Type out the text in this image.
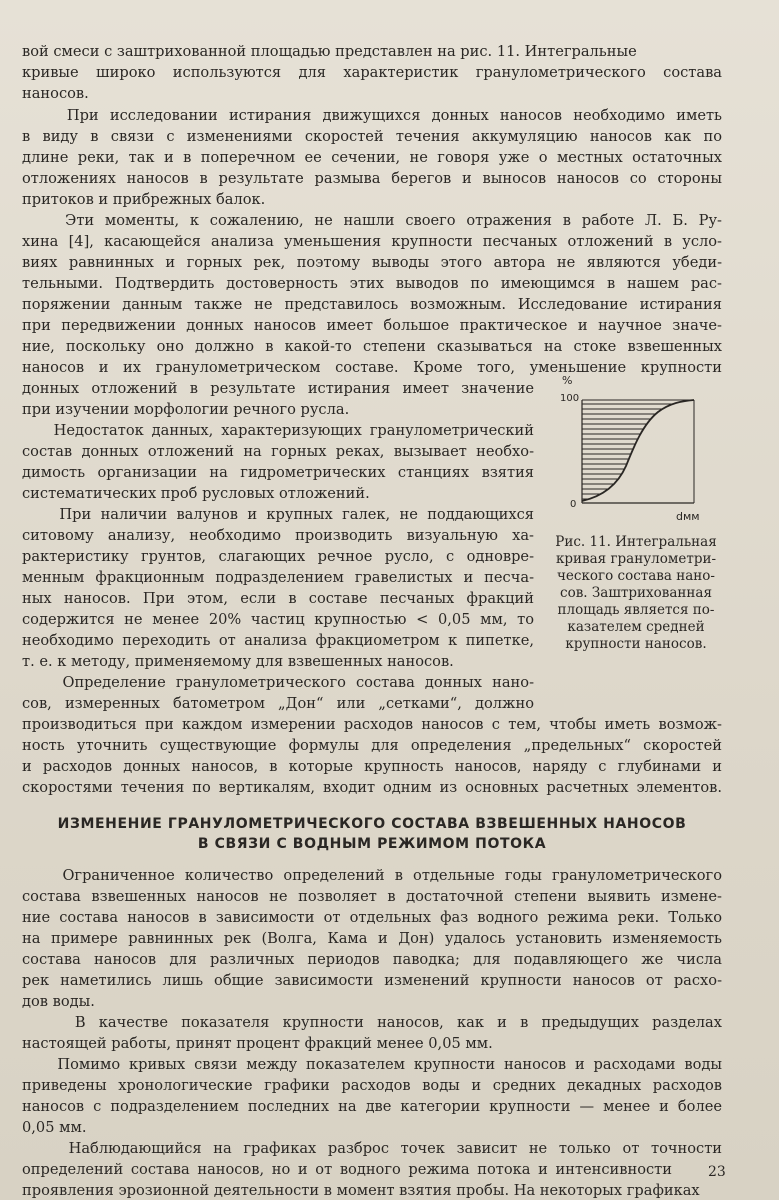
вой смеси с заштрихованной площадью представлен на рис. 11. Интегральные
кривые широко используются для характеристик гранулометрического состава
наносов.
При исследовании истирания движущихся донных наносов необходимо иметь
в виду в связи с изменениями скоростей течения аккумуляцию наносов как по
длине реки, так и в поперечном ее сечении, не говоря уже о местных остаточных
отложениях наносов в результате размыва берегов и выносов наносов со стороны
притоков и прибрежных балок.
Эти моменты, к сожалению, не нашли своего отражения в работе Л. Б. Ру-
хина [4], касающейся анализа уменьшения крупности песчаных отложений в усло-
виях равнинных и горных рек, поэтому выводы этого автора не являются убеди-
тельными. Подтвердить достоверность этих выводов по имеющимся в нашем рас-
поряжении данным также не представилось возможным. Исследование истирания
при передвижении донных наносов имеет большое практическое и научное значе-
ние, поскольку оно должно в какой-то степени сказываться на стоке взвешенных
наносов и их гранулометрическом составе. Кроме того, уменьшение крупности
донных отложений в результате истирания имеет значение
при изучении морфологии речного русла.
Недостаток данных, характеризующих гранулометрический
состав донных отложений на горных реках, вызывает необхо-
димость организации на гидрометрических станциях взятия
систематических проб русловых отложений.
При наличии валунов и крупных галек, не поддающихся
ситовому анализу, необходимо производить визуальную ха-
рактеристику грунтов, слагающих речное русло, с одновре-
менным фракционным подразделением гравелистых и песча-
ных наносов. При этом, если в составе песчаных фракций
содержится не менее 20% частиц крупностью < 0,05 мм, то
необходимо переходить от анализа фракциометром к пипетке,
т. е. к методу, применяемому для взвешенных наносов.
Определение гранулометрического состава донных нано-
сов, измеренных батометром „Дон“ или „сетками“, должно
производиться при каждом измерении расходов наносов с тем, чтобы иметь возмож-
ность уточнить существующие формулы для определения „предельных“ скоростей
и расходов донных наносов, в которые крупность наносов, наряду с глубинами и
скоростями течения по вертикалям, входит одним из основных расчетных элементов.
ИЗМЕНЕНИЕ ГРАНУЛОМЕТРИЧЕСКОГО СОСТАВА ВЗВЕШЕННЫХ НАНОСОВ
В СВЯЗИ С ВОДНЫМ РЕЖИМОМ ПОТОКА
Ограниченное количество определений в отдельные годы гранулометрического
состава взвешенных наносов не позволяет в достаточной степени выявить измене-
ние состава наносов в зависимости от отдельных фаз водного режима реки. Только
на примере равнинных рек (Волга, Кама и Дон) удалось установить изменяемость
состава наносов для различных периодов паводка; для подавляющего же числа
рек наметились лишь общие зависимости изменений крупности наносов от расхо-
дов воды.
В качестве показателя крупности наносов, как и в предыдущих разделах
настоящей работы, принят процент фракций менее 0,05 мм.
Помимо кривых связи между показателем крупности наносов и расходами воды
приведены хронологические графики расходов воды и средних декадных расходов
наносов с подразделением последних на две категории крупности — менее и более
0,05 мм.
Наблюдающийся на графиках разброс точек зависит не только от точности
определений состава наносов, но и от водного режима потока и интенсивности
проявления эрозионной деятельности в момент взятия пробы. На некоторых графиках
%
100
0
dмм
Рис. 11. Интегральная
кривая гранулометри-
ческого состава нано-
сов. Заштрихованная
площадь является по-
казателем средней
крупности наносов.
23
